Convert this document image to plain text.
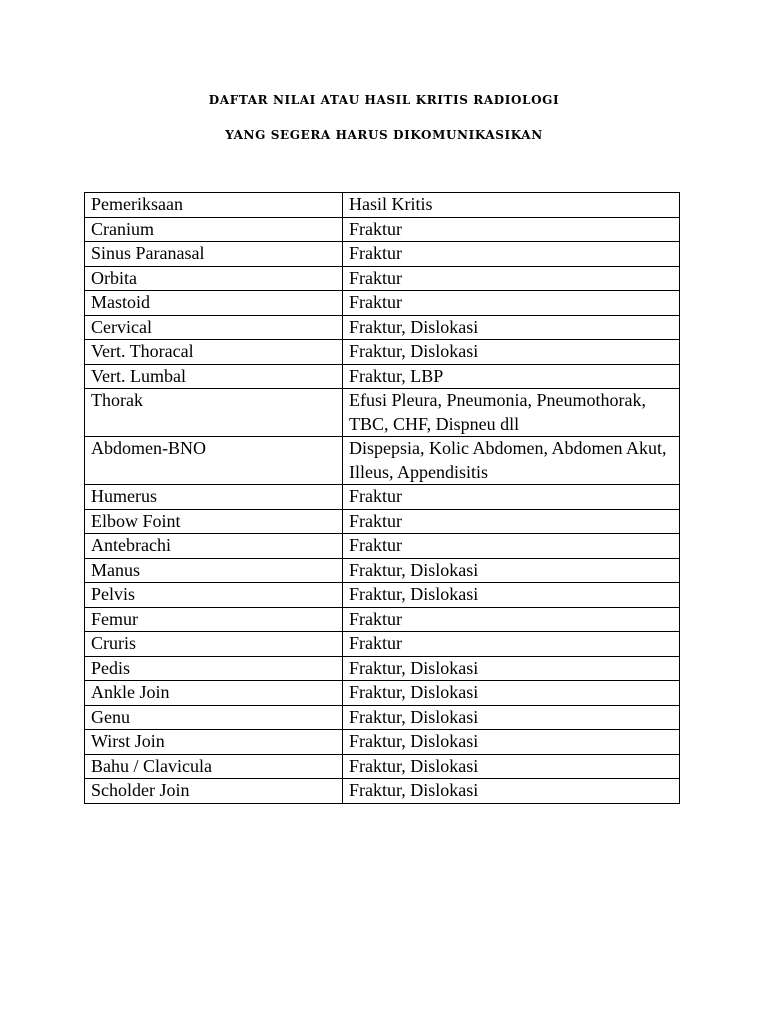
DAFTAR NILAI ATAU HASIL KRITIS RADIOLOGI
YANG SEGERA HARUS DIKOMUNIKASIKAN
Pemeriksaan	Hasil Kritis
Cranium	Fraktur
Sinus Paranasal	Fraktur
Orbita	Fraktur
Mastoid	Fraktur
Cervical	Fraktur, Dislokasi
Vert. Thoracal	Fraktur, Dislokasi
Vert. Lumbal	Fraktur, LBP
Thorak	Efusi Pleura, Pneumonia, Pneumothorak, TBC, CHF, Dispneu dll
Abdomen-BNO	Dispepsia, Kolic Abdomen, Abdomen Akut, Illeus, Appendisitis
Humerus	Fraktur
Elbow Foint	Fraktur
Antebrachi	Fraktur
Manus	Fraktur, Dislokasi
Pelvis	Fraktur, Dislokasi
Femur	Fraktur
Cruris	Fraktur
Pedis	Fraktur, Dislokasi
Ankle Join	Fraktur, Dislokasi
Genu	Fraktur, Dislokasi
Wirst Join	Fraktur, Dislokasi
Bahu / Clavicula	Fraktur, Dislokasi
Scholder Join	Fraktur, Dislokasi
